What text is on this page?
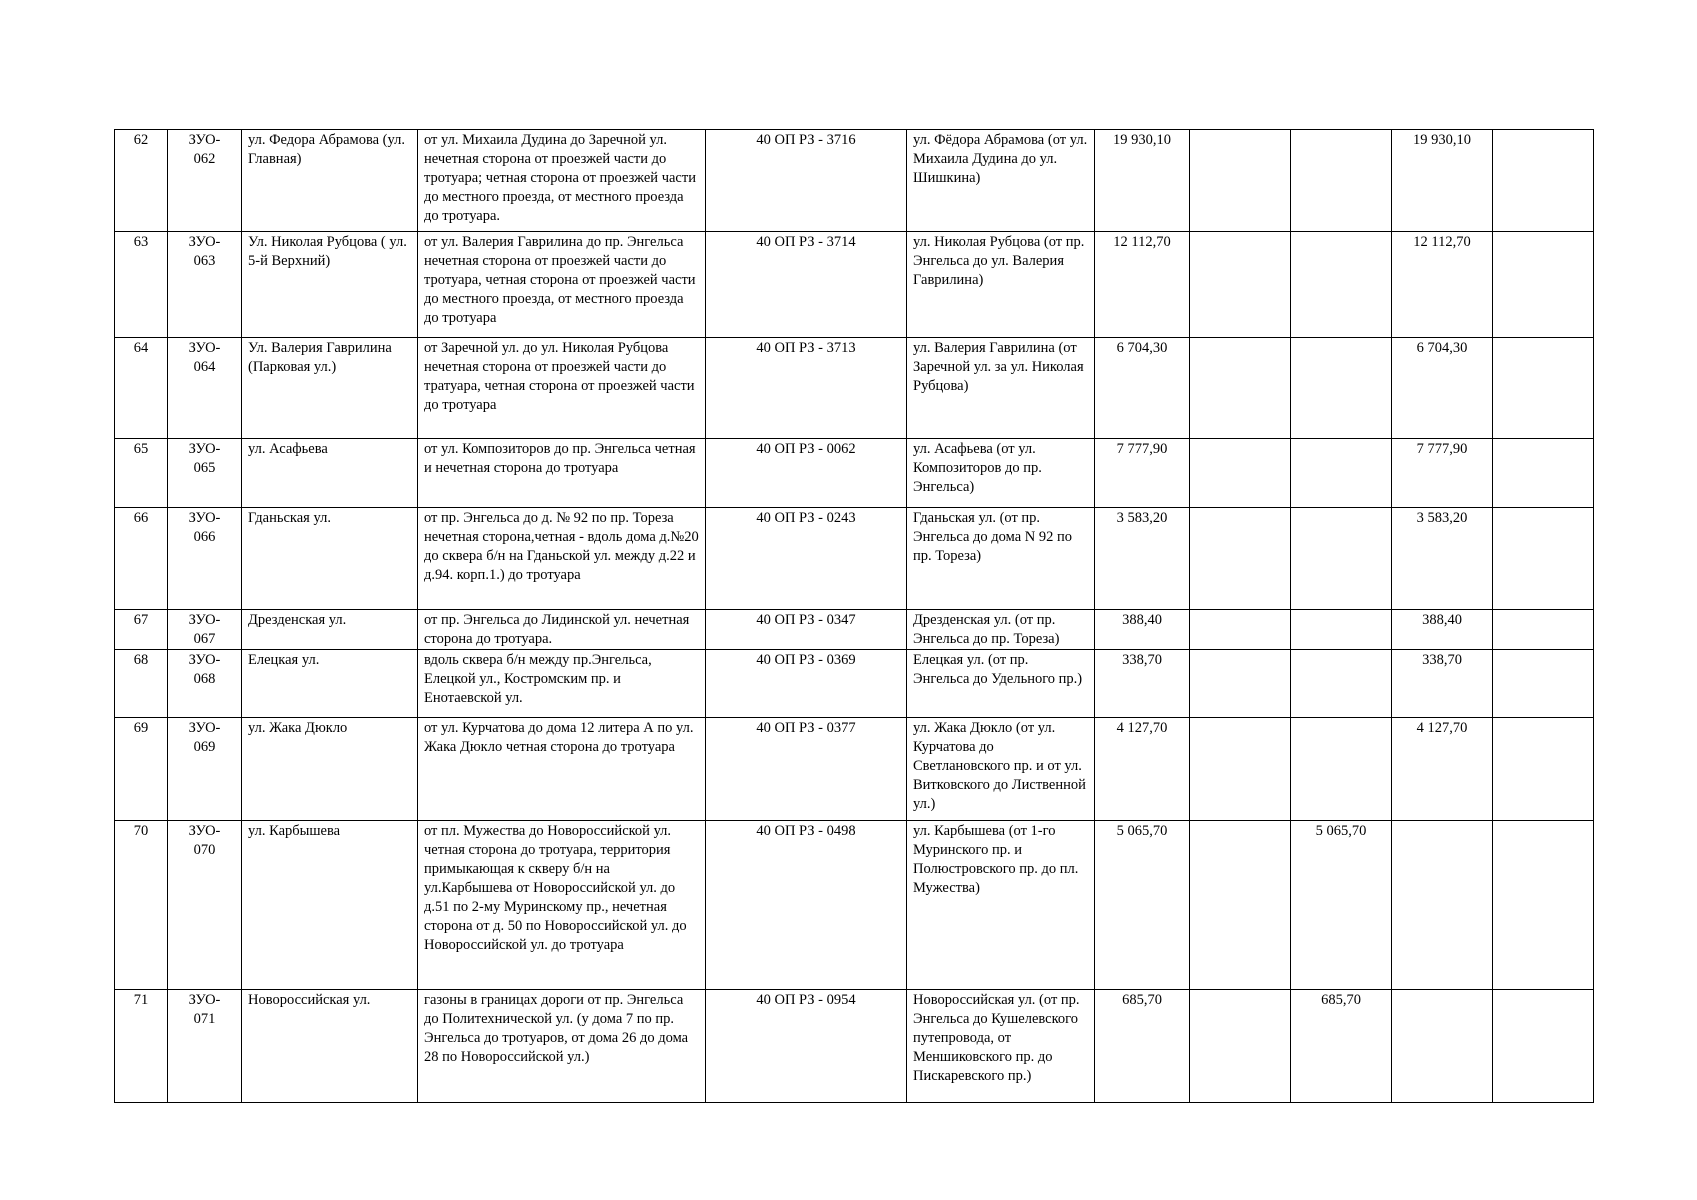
62	ЗУО-
062	ул. Федора Абрамова (ул. Главная)	от ул. Михаила Дудина до Заречной ул. нечетная сторона от проезжей части до тротуара; четная сторона от проезжей части до местного проезда, от местного проезда до тротуара.	40 ОП РЗ - 3716	ул. Фёдора Абрамова (от ул. Михаила Дудина до ул. Шишкина)	19 930,10			19 930,10	
63	ЗУО-
063	Ул. Николая Рубцова ( ул. 5-й Верхний)	от ул. Валерия Гаврилина до пр. Энгельса нечетная сторона от проезжей части до тротуара, четная сторона от проезжей части до местного проезда, от местного проезда до тротуара	40 ОП РЗ - 3714	ул. Николая Рубцова (от пр. Энгельса до ул. Валерия Гаврилина)	12 112,70			12 112,70	
64	ЗУО-
064	Ул. Валерия Гаврилина (Парковая ул.)	от Заречной ул. до ул. Николая Рубцова нечетная сторона от проезжей части до тратуара, четная сторона от проезжей части до тротуара	40 ОП РЗ - 3713	ул. Валерия Гаврилина (от Заречной ул. за ул. Николая Рубцова)	6 704,30			6 704,30	
65	ЗУО-
065	ул. Асафьева	от ул. Композиторов до пр. Энгельса четная и нечетная сторона до тротуара	40 ОП РЗ - 0062	ул. Асафьева (от ул. Композиторов до пр. Энгельса)	7 777,90			7 777,90	
66	ЗУО-
066	Гданьская ул.	от пр. Энгельса до д. № 92 по пр. Тореза нечетная сторона,четная - вдоль дома д.№20 до сквера б/н на Гданьской ул. между д.22 и д.94. корп.1.) до тротуара	40 ОП РЗ - 0243	Гданьская ул. (от пр. Энгельса до дома N 92 по пр. Тореза)	3 583,20			3 583,20	
67	ЗУО-
067	Дрезденская ул.	от пр. Энгельса до Лидинской ул. нечетная сторона до тротуара.	40 ОП РЗ - 0347	Дрезденская ул. (от пр. Энгельса до пр. Тореза)	388,40			388,40	
68	ЗУО-
068	Елецкая ул.	вдоль сквера б/н между пр.Энгельса, Елецкой ул., Костромским пр. и Енотаевской ул.	40 ОП РЗ - 0369	Елецкая ул. (от пр. Энгельса до Удельного пр.)	338,70			338,70	
69	ЗУО-
069	ул. Жака Дюкло	от ул. Курчатова до дома 12 литера А по ул. Жака Дюкло четная сторона до тротуара	40 ОП РЗ - 0377	ул. Жака Дюкло (от ул. Курчатова до Светлановского пр. и от ул. Витковского до Лиственной ул.)	4 127,70			4 127,70	
70	ЗУО-
070	ул. Карбышева	от пл. Мужества до Новороссийской ул. четная сторона до тротуара, территория примыкающая к скверу б/н на ул.Карбышева от Новороссийской ул. до д.51 по 2-му Муринскому пр., нечетная сторона от д. 50 по Новороссийской ул. до Новороссийской ул. до тротуара	40 ОП РЗ - 0498	ул. Карбышева (от 1-го Муринского пр. и Полюстровского пр. до пл. Мужества)	5 065,70		5 065,70		
71	ЗУО-
071	Новороссийская ул.	газоны в границах дороги от пр. Энгельса до Политехнической ул. (у дома 7 по пр. Энгельса до тротуаров, от дома 26 до дома 28 по Новороссийской ул.)	40 ОП РЗ - 0954	Новороссийская ул. (от пр. Энгельса до Кушелевского путепровода, от Меншиковского пр. до Пискаревского пр.)	685,70		685,70		
